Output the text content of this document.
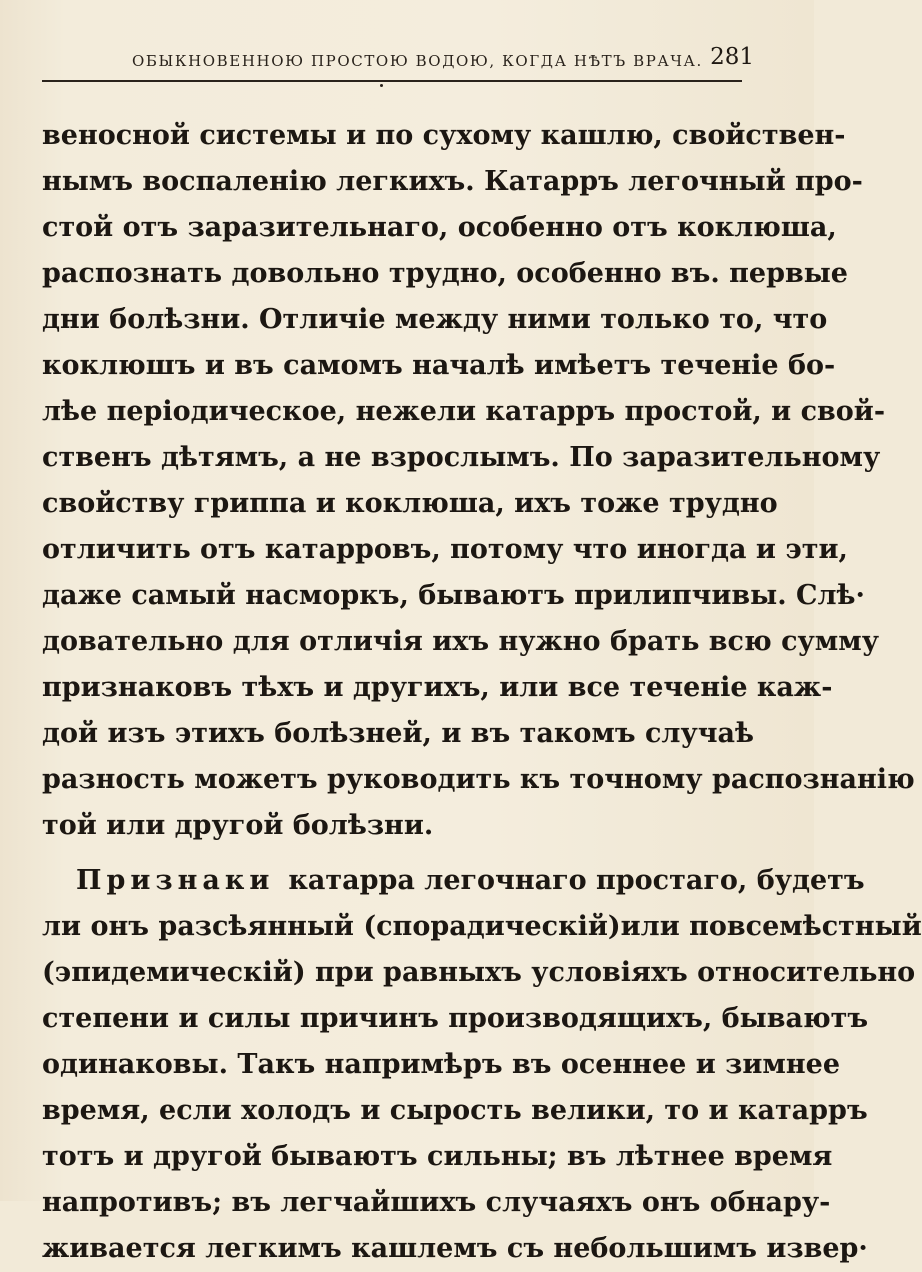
ОБЫКНОВЕННОЮ ПРОСТОЮ ВОДОЮ, КОГДА НѢТЪ ВРАЧА. 281
веносной системы и по сухому кашлю, свойствен-
нымъ воспаленію легкихъ. Катарръ легочный про-
стой отъ заразительнаго, особенно отъ коклюша,
распознать довольно трудно, особенно въ. первые
дни болѣзни. Отличіе между ними только то, что
коклюшъ и въ самомъ началѣ имѣетъ теченіе бо-
лѣе періодическое, нежели катарръ простой, и свой-
ственъ дѣтямъ, а не взрослымъ. По заразительному
свойству гриппа и коклюша, ихъ тоже трудно
отличить отъ катарровъ, потому что иногда и эти,
даже самый насморкъ, бываютъ прилипчивы. Слѣ·
довательно для отличія ихъ нужно брать всю сумму
признаковъ тѣхъ и другихъ, или все теченіе каж-
дой изъ этихъ болѣзней, и въ такомъ случаѣ
разность можетъ руководить къ точному распознанію
той или другой болѣзни.
Признаки катарра легочнаго простаго, будетъ
ли онъ разсѣянный (спорадическій)или повсемѣстный
(эпидемическій) при равныхъ условіяхъ относительно
степени и силы причинъ производящихъ, бываютъ
одинаковы. Такъ напримѣръ въ осеннее и зимнее
время, если холодъ и сырость велики, то и катарръ
тотъ и другой бываютъ сильны; въ лѣтнее время
напротивъ; въ легчайшихъ случаяхъ онъ обнару-
живается легкимъ кашлемъ съ небольшимъ извер·
